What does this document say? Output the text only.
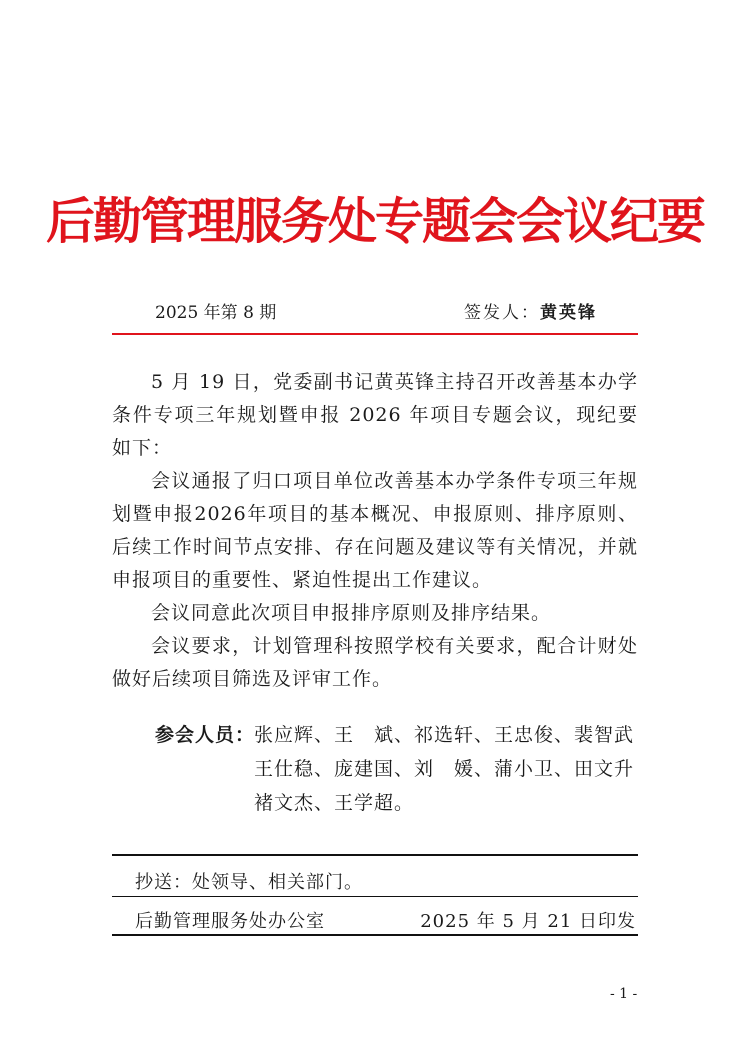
后勤管理服务处专题会会议纪要
2025 年第 8 期	签发人：黄英锋

5 月 19 日，党委副书记黄英锋主持召开改善基本办学条件专项三年规划暨申报 2026 年项目专题会议，现纪要如下：

会议通报了归口项目单位改善基本办学条件专项三年规划暨申报2026年项目的基本概况、申报原则、排序原则、后续工作时间节点安排、存在问题及建议等有关情况，并就申报项目的重要性、紧迫性提出工作建议。

会议同意此次项目申报排序原则及排序结果。

会议要求，计划管理科按照学校有关要求，配合计财处做好后续项目筛选及评审工作。

参会人员：
张应辉、王　斌、祁选轩、王忠俊、裴智武
王仕稳、庞建国、刘　媛、蒲小卫、田文升
褚文杰、王学超。
抄送：处领导、相关部门。
后勤管理服务处办公室	2025 年 5 月 21 日印发
- 1 -
